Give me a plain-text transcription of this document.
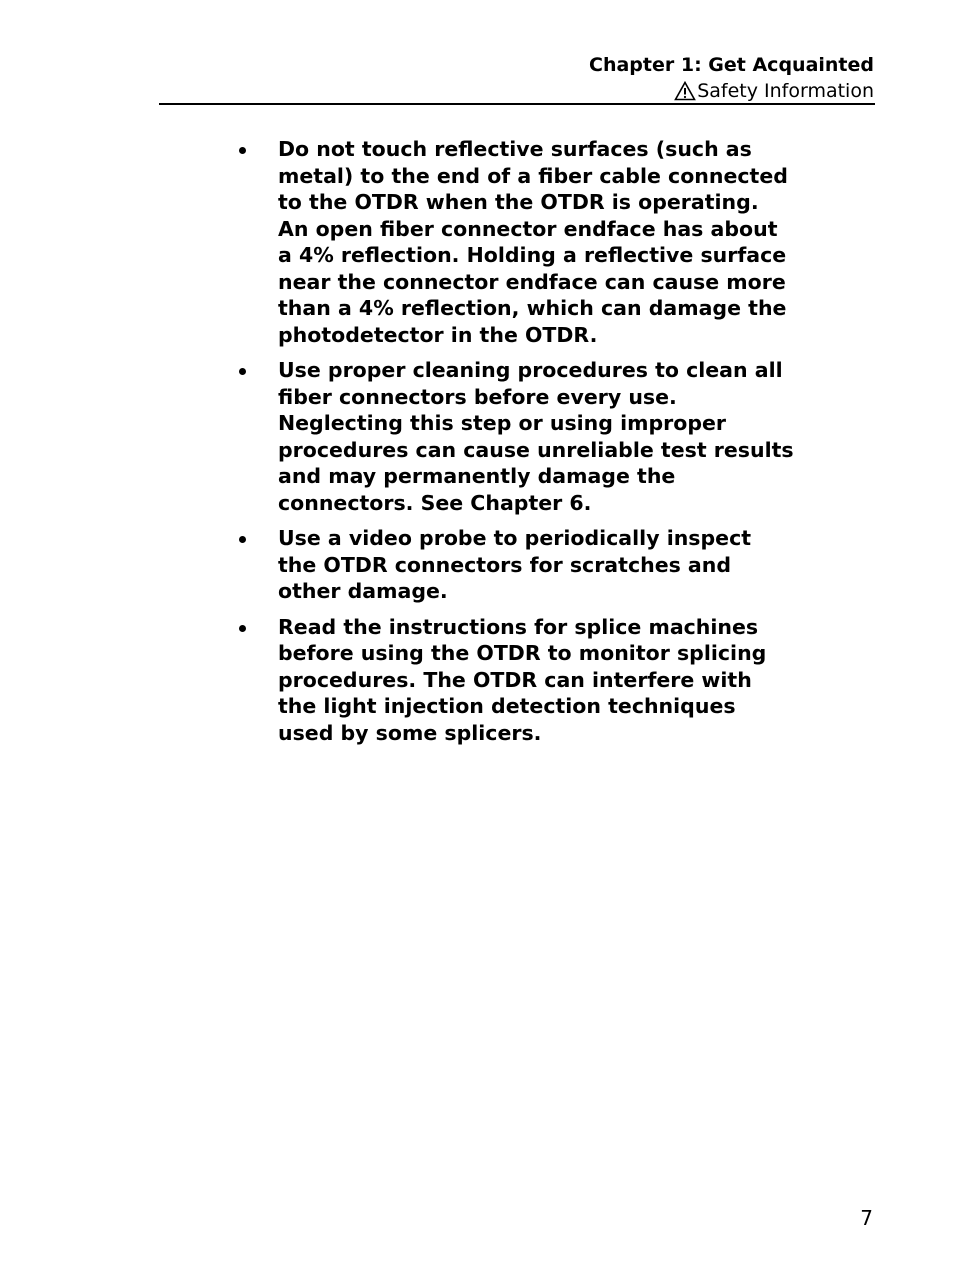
Chapter 1: Get Acquainted
Safety Information
Do not touch reflective surfaces (such as metal) to the end of a fiber cable connected to the OTDR when the OTDR is operating. An open fiber connector endface has about a 4% reflection. Holding a reflective surface near the connector endface can cause more than a 4% reflection, which can damage the photodetector in the OTDR.
Use proper cleaning procedures to clean all fiber connectors before every use. Neglecting this step or using improper procedures can cause unreliable test results and may permanently damage the connectors. See Chapter 6.
Use a video probe to periodically inspect the OTDR connectors for scratches and other damage.
Read the instructions for splice machines before using the OTDR to monitor splicing procedures. The OTDR can interfere with the light injection detection techniques used by some splicers.
7
